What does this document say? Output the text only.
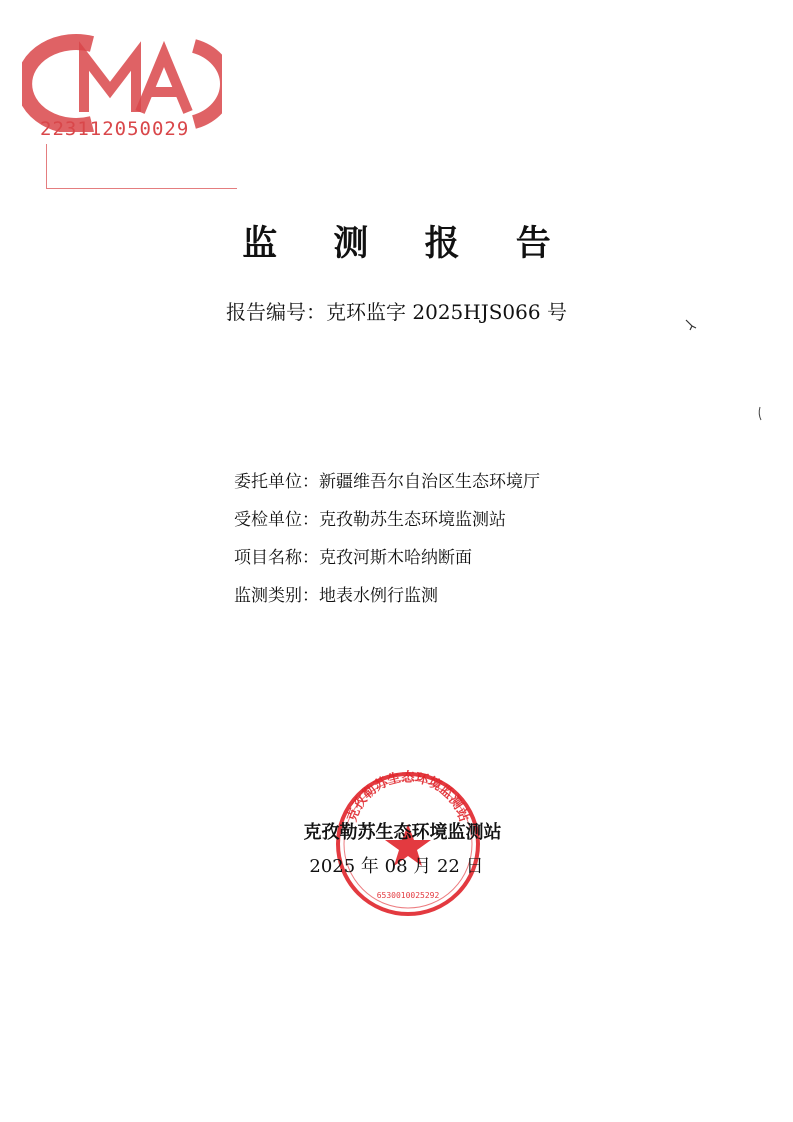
223112050029
监 测 报 告
报告编号：克环监字 2025HJS066 号
委托单位：新疆维吾尔自治区生态环境厅
受检单位：克孜勒苏生态环境监测站
项目名称：克孜河斯木哈纳断面
监测类别：地表水例行监测
克孜勒苏生态环境监测站
6530010025292
克孜勒苏生态环境监测站
2025 年 08 月 22 日
